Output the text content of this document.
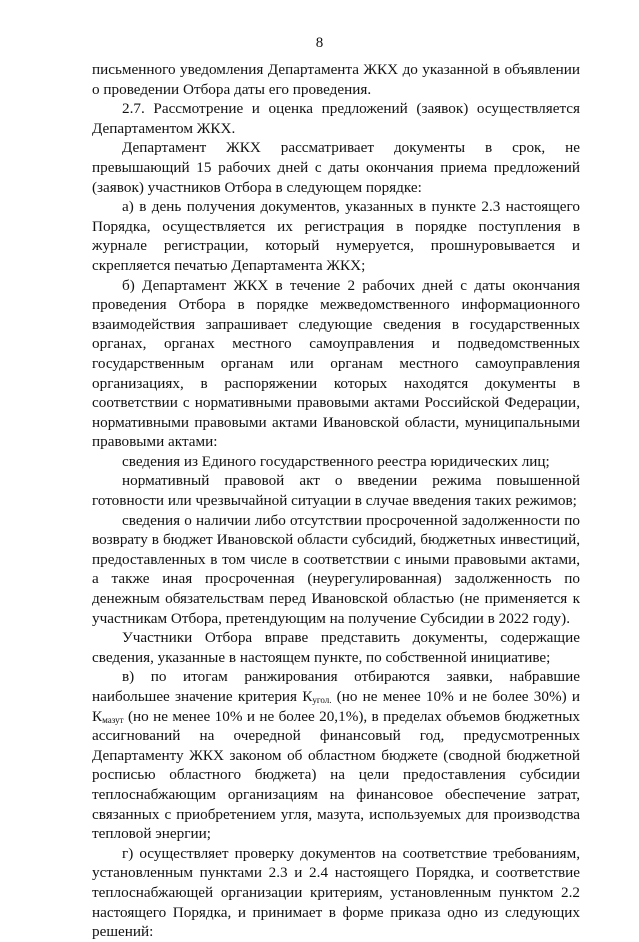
8

письменного уведомления Департамента ЖКХ до указанной в объявлении о проведении Отбора даты его проведения.

2.7. Рассмотрение и оценка предложений (заявок) осуществляется Департаментом ЖКХ.

Департамент ЖКХ рассматривает документы в срок, не превышающий 15 рабочих дней с даты окончания приема предложений (заявок) участников Отбора в следующем порядке:

а) в день получения документов, указанных в пункте 2.3 настоящего Порядка, осуществляется их регистрация в порядке поступления в журнале регистрации, который нумеруется, прошнуровывается и скрепляется печатью Департамента ЖКХ;

б) Департамент ЖКХ в течение 2 рабочих дней с даты окончания проведения Отбора в порядке межведомственного информационного взаимодействия запрашивает следующие сведения в государственных органах, органах местного самоуправления и подведомственных государственным органам или органам местного самоуправления организациях, в распоряжении которых находятся документы в соответствии с нормативными правовыми актами Российской Федерации, нормативными правовыми актами Ивановской области, муниципальными правовыми актами:

сведения из Единого государственного реестра юридических лиц;

нормативный правовой акт о введении режима повышенной готовности или чрезвычайной ситуации в случае введения таких режимов;

сведения о наличии либо отсутствии просроченной задолженности по возврату в бюджет Ивановской области субсидий, бюджетных инвестиций, предоставленных в том числе в соответствии с иными правовыми актами, а также иная просроченная (неурегулированная) задолженность по денежным обязательствам перед Ивановской областью (не применяется к участникам Отбора, претендующим на получение Субсидии в 2022 году).

Участники Отбора вправе представить документы, содержащие сведения, указанные в настоящем пункте, по собственной инициативе;

в) по итогам ранжирования отбираются заявки, набравшие наибольшее значение критерия $К_{угол.}$ (но не менее 10% и не более 30%) и $К_{мазут}$ (но не менее 10% и не более 20,1%), в пределах объемов бюджетных ассигнований на очередной финансовый год, предусмотренных Департаменту ЖКХ законом об областном бюджете (сводной бюджетной росписью областного бюджета) на цели предоставления субсидии теплоснабжающим организациям на финансовое обеспечение затрат, связанных с приобретением угля, мазута, используемых для производства тепловой энергии;

г) осуществляет проверку документов на соответствие требованиям, установленным пунктами 2.3 и 2.4 настоящего Порядка, и соответствие теплоснабжающей организации критериям, установленным пунктом 2.2 настоящего Порядка, и принимает в форме приказа одно из следующих решений:
